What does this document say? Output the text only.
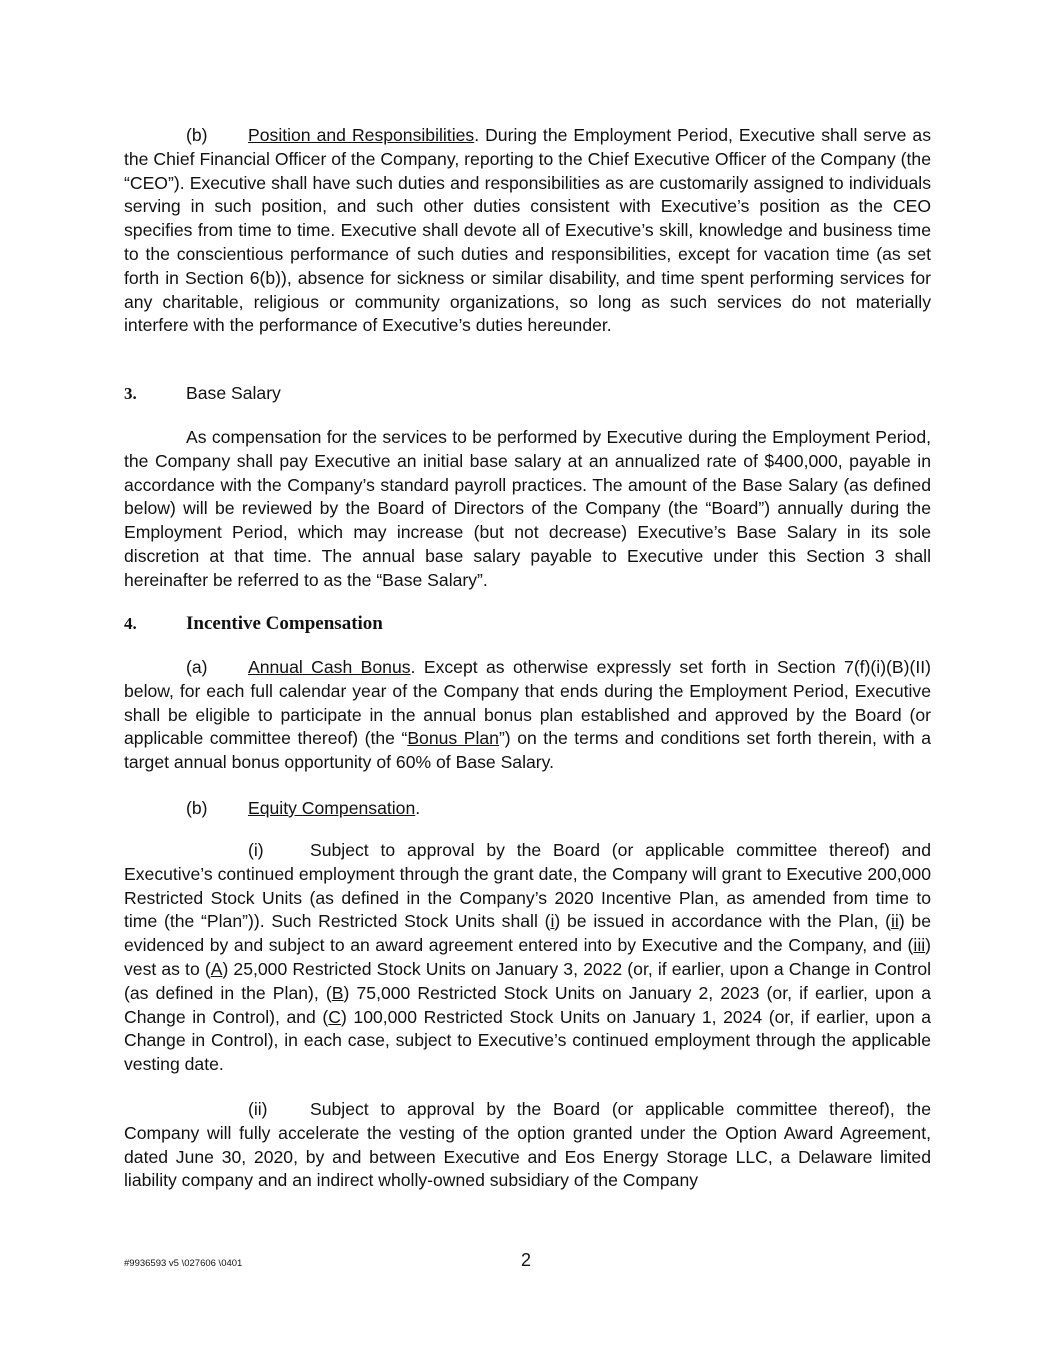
(b) Position and Responsibilities. During the Employment Period, Executive shall serve as the Chief Financial Officer of the Company, reporting to the Chief Executive Officer of the Company (the “CEO”). Executive shall have such duties and responsibilities as are customarily assigned to individuals serving in such position, and such other duties consistent with Executive’s position as the CEO specifies from time to time. Executive shall devote all of Executive’s skill, knowledge and business time to the conscientious performance of such duties and responsibilities, except for vacation time (as set forth in Section 6(b)), absence for sickness or similar disability, and time spent performing services for any charitable, religious or community organizations, so long as such services do not materially interfere with the performance of Executive’s duties hereunder.

3.	Base Salary

As compensation for the services to be performed by Executive during the Employment Period, the Company shall pay Executive an initial base salary at an annualized rate of $400,000, payable in accordance with the Company’s standard payroll practices. The amount of the Base Salary (as defined below) will be reviewed by the Board of Directors of the Company (the “Board”) annually during the Employment Period, which may increase (but not decrease) Executive’s Base Salary in its sole discretion at that time. The annual base salary payable to Executive under this Section 3 shall hereinafter be referred to as the “Base Salary”.

4.	Incentive Compensation

(a) Annual Cash Bonus. Except as otherwise expressly set forth in Section 7(f)(i)(B)(II) below, for each full calendar year of the Company that ends during the Employment Period, Executive shall be eligible to participate in the annual bonus plan established and approved by the Board (or applicable committee thereof) (the “Bonus Plan”) on the terms and conditions set forth therein, with a target annual bonus opportunity of 60% of Base Salary.

(b) Equity Compensation.

(i)	Subject to approval by the Board (or applicable committee thereof) and Executive’s continued employment through the grant date, the Company will grant to Executive 200,000 Restricted Stock Units (as defined in the Company’s 2020 Incentive Plan, as amended from time to time (the “Plan”)). Such Restricted Stock Units shall (i) be issued in accordance with the Plan, (ii) be evidenced by and subject to an award agreement entered into by Executive and the Company, and (iii) vest as to (A) 25,000 Restricted Stock Units on January 3, 2022 (or, if earlier, upon a Change in Control (as defined in the Plan), (B) 75,000 Restricted Stock Units on January 2, 2023 (or, if earlier, upon a Change in Control), and (C) 100,000 Restricted Stock Units on January 1, 2024 (or, if earlier, upon a Change in Control), in each case, subject to Executive’s continued employment through the applicable vesting date.

(ii) Subject to approval by the Board (or applicable committee thereof), the Company will fully accelerate the vesting of the option granted under the Option Award Agreement, dated June 30, 2020, by and between Executive and Eos Energy Storage LLC, a Delaware limited liability company and an indirect wholly-owned subsidiary of the Company

#9936593 v5 \027606 \0401	2
